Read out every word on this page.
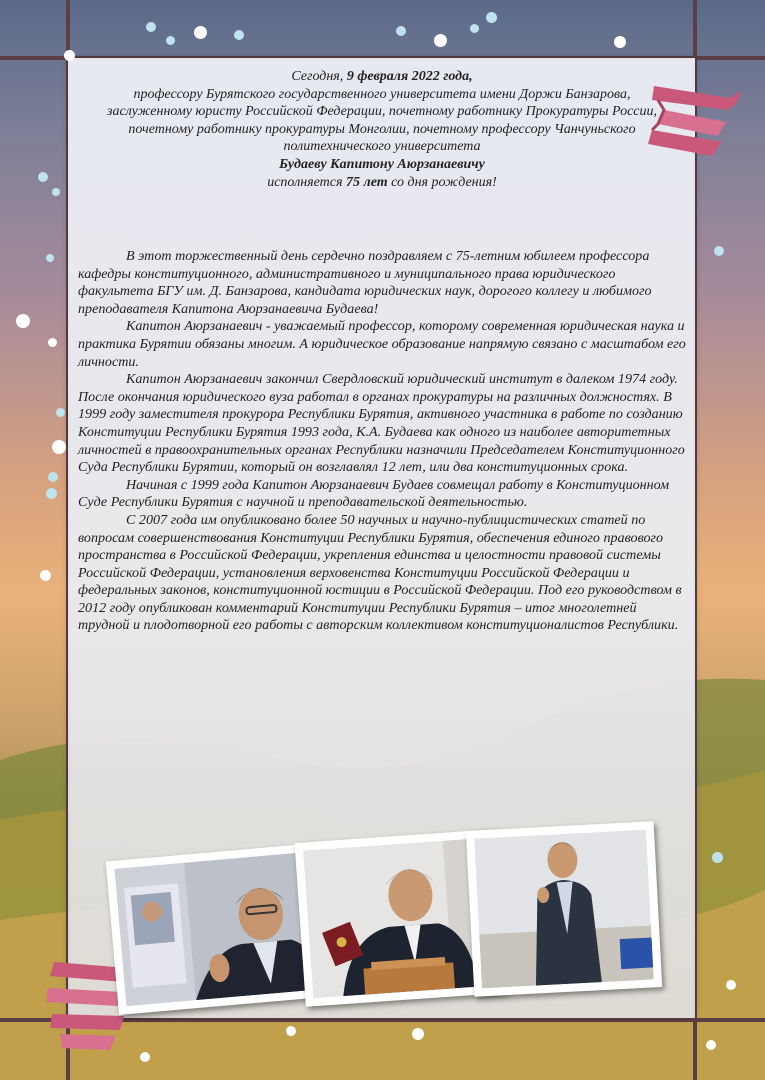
Сегодня, 9 февраля 2022 года,
профессору Бурятского государственного университета имени Доржи Банзарова, заслуженному юристу Российской Федерации, почетному работнику Прокуратуры России, почетному работнику прокуратуры Монголии, почетному профессору Чанчуньского политехнического университета
Будаеву Капитону Аюрзанаевичу
исполняется 75 лет со дня рождения!

В этот торжественный день сердечно поздравляем с 75-летним юбилеем профессора кафедры конституционного, административного и муниципального права юридического факультета БГУ им. Д. Банзарова, кандидата юридических наук, дорогого коллегу и любимого преподавателя Капитона Аюрзанаевича Будаева!

Капитон Аюрзанаевич - уважаемый профессор, которому современная юридическая наука и практика Бурятии обязаны многим. А юридическое образование напрямую связано с масштабом его личности.

Капитон Аюрзанаевич закончил Свердловский юридический институт в далеком 1974 году. После окончания юридического вуза работал в органах прокуратуры на различных должностях. В 1999 году заместителя прокурора Республики Бурятия, активного участника в работе по созданию Конституции Республики Бурятия 1993 года, К.А. Будаева как одного из наиболее авторитетных личностей в правоохранительных органах Республики назначили Председателем Конституционного Суда Республики Бурятии, который он возглавлял 12 лет, или два конституционных срока.

Начиная с 1999 года Капитон Аюрзанаевич Будаев совмещал работу в Конституционном Суде Республики Бурятия с научной и преподавательской деятельностью.

С 2007 года им опубликовано более 50 научных и научно-публицистических статей по вопросам совершенствования Конституции Республики Бурятия, обеспечения единого правового пространства в Российской Федерации, укрепления единства и целостности правовой системы Российской Федерации, установления верховенства Конституции Российской Федерации и федеральных законов, конституционной юстиции в Российской Федерации. Под его руководством в 2012 году опубликован комментарий Конституции Республики Бурятия – итог многолетней трудной и плодотворной его работы с авторским коллективом конституционалистов Республики.
